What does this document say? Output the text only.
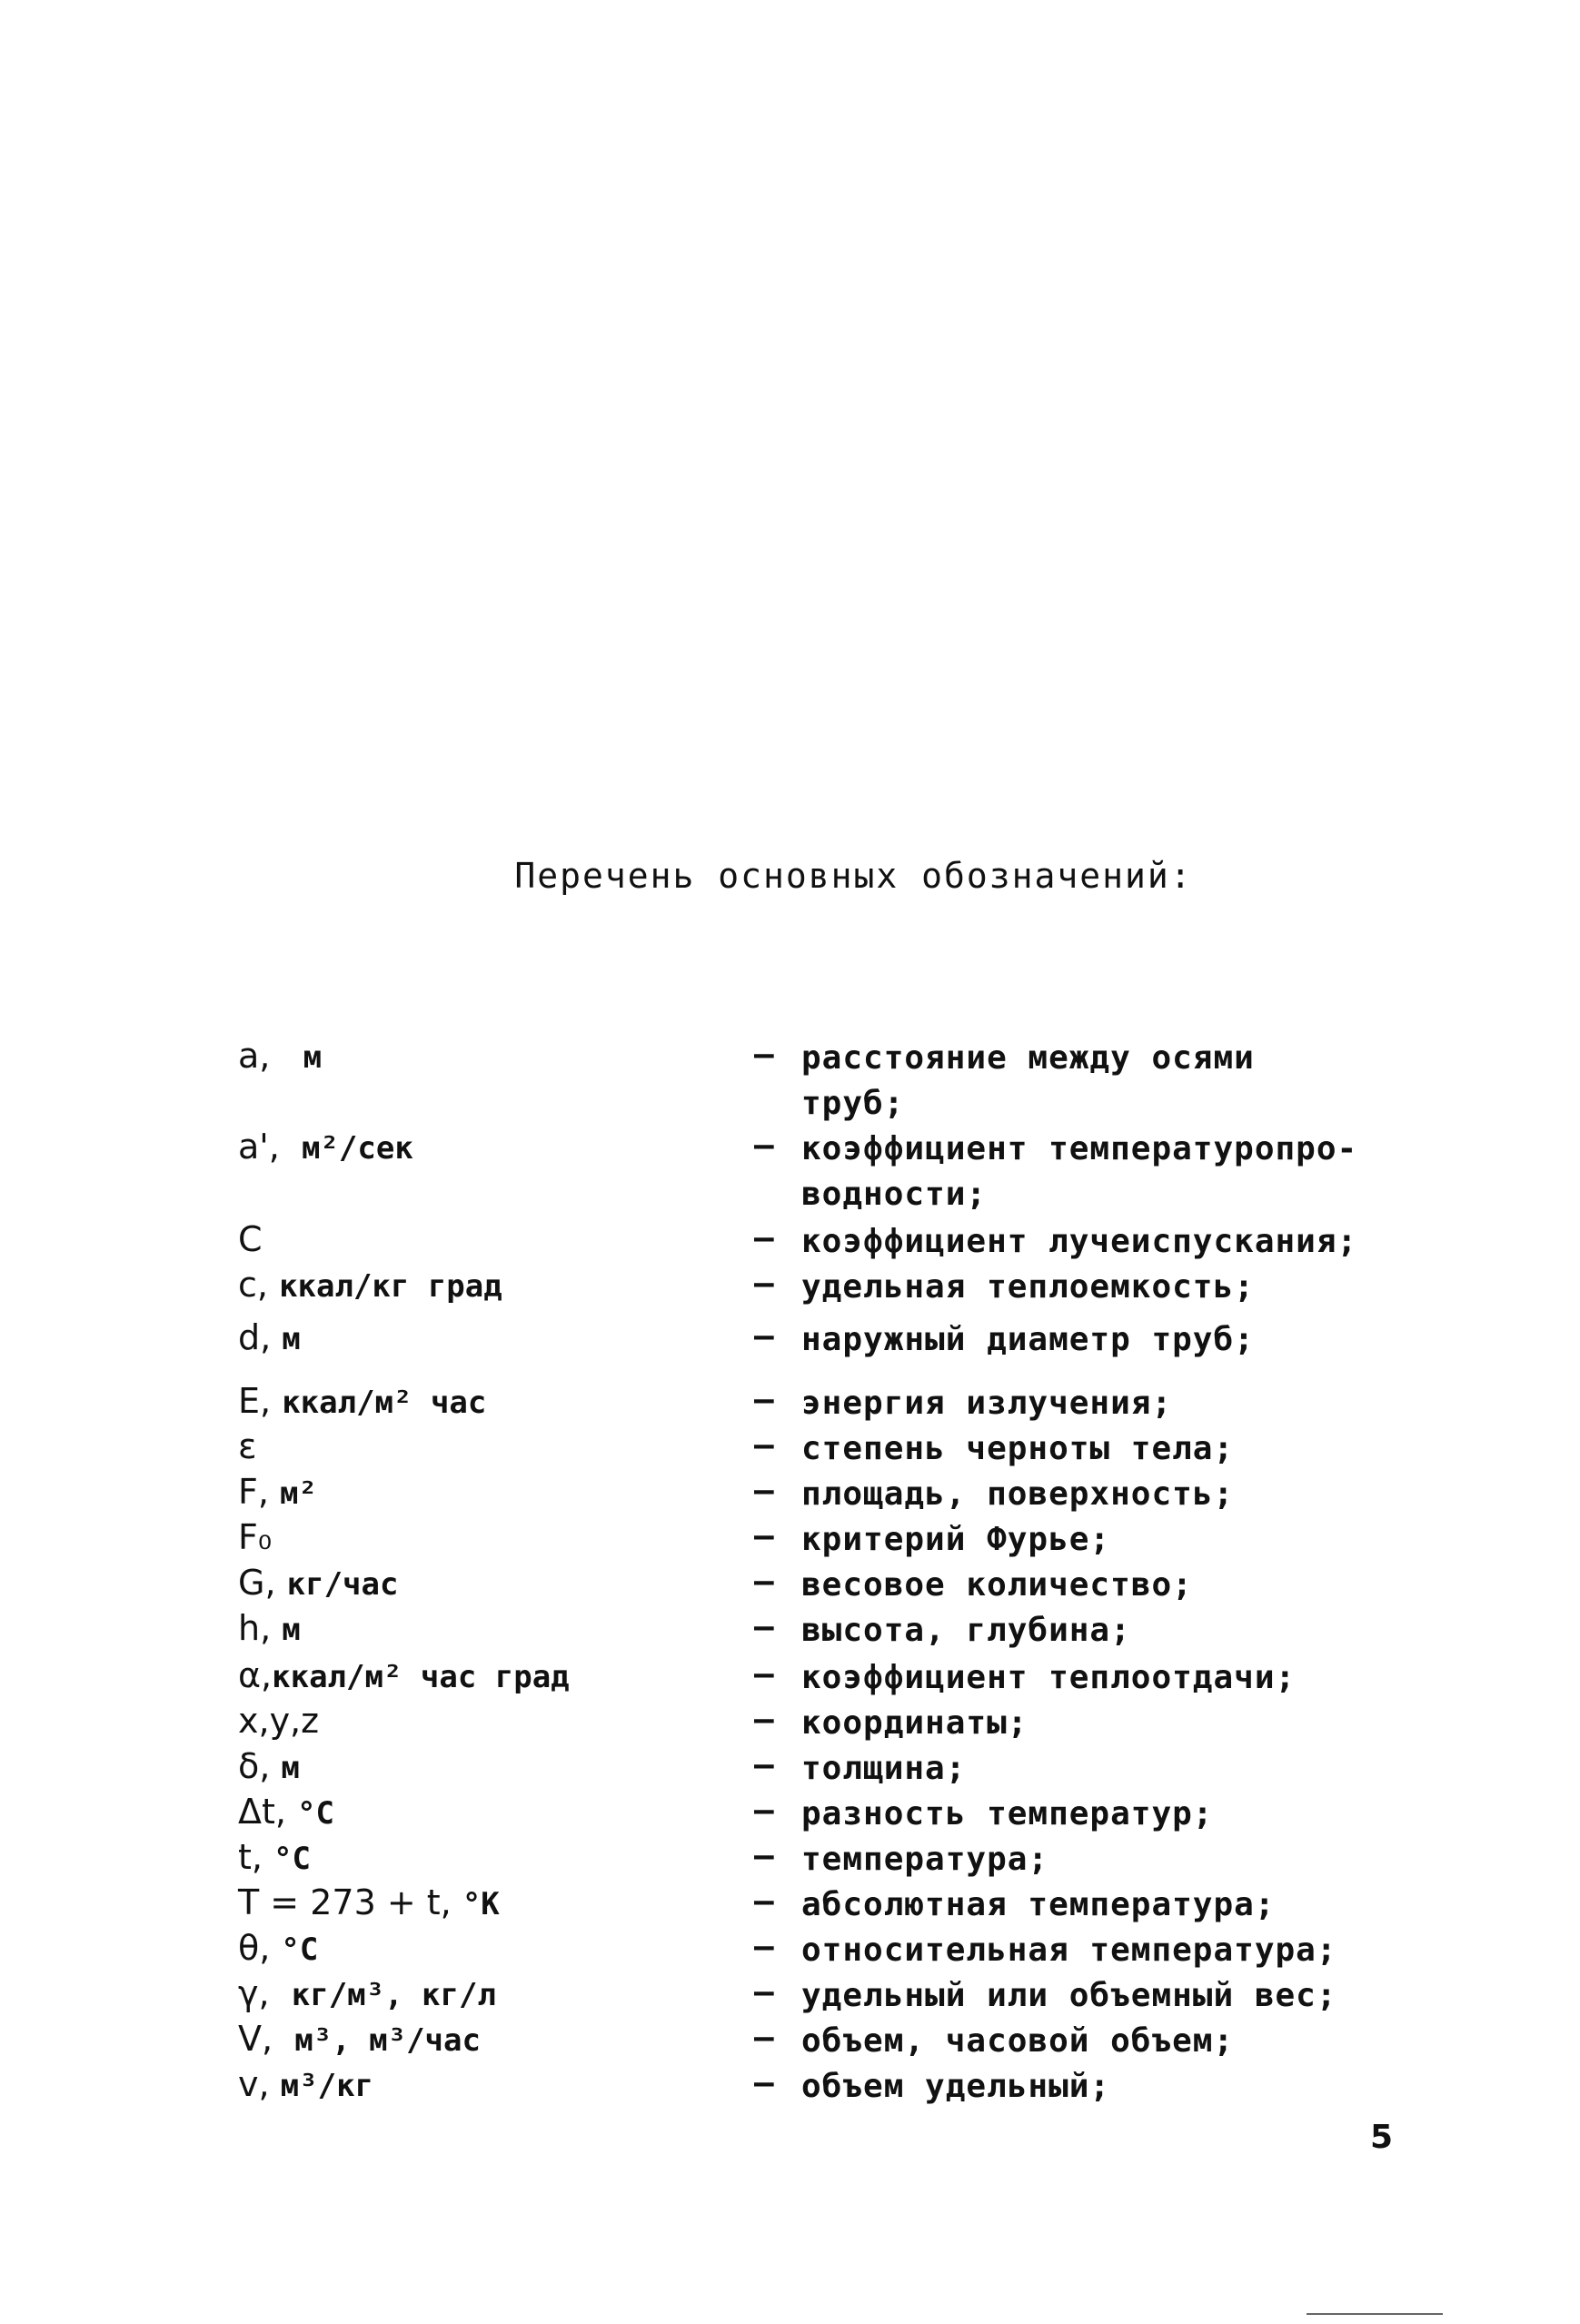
Перечень основных обозначений:
a, м	– расстояние между осями
труб;
a', м²/сек	– коэффициент температуропро-
водности;
C	– коэффициент лучеиспускания;
c, ккал/кг град	– удельная теплоемкость;
d, м	– наружный диаметр труб;
E, ккал/м² час	– энергия излучения;
ε	– степень черноты тела;
F, м²	– площадь, поверхность;
F₀	– критерий Фурье;
G, кг/час	– весовое количество;
h, м	– высота, глубина;
α,ккал/м² час град	– коэффициент теплоотдачи;
x,y,z	– координаты;
δ, м	– толщина;
Δt, °C	– разность температур;
t, °C	– температура;
T = 273 + t, °K	– абсолютная температура;
θ, °C	– относительная температура;
γ, кг/м³, кг/л	– удельный или объемный вес;
V, м³, м³/час	– объем, часовой объем;
v, м³/кг	– объем удельный;
5
